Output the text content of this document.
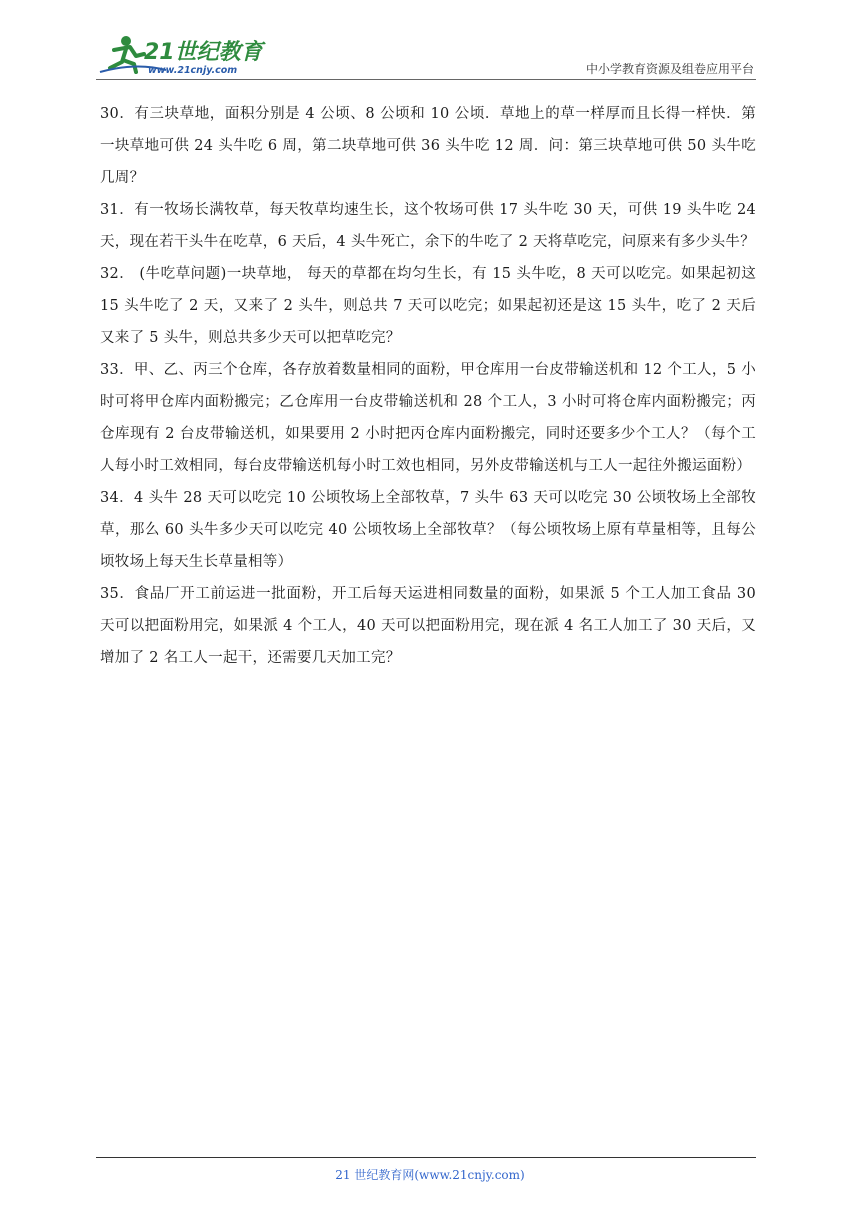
21世纪教育
www.21cnjy.com	中小学教育资源及组卷应用平台

30．有三块草地，面积分别是 4 公顷、8 公顷和 10 公顷．草地上的草一样厚而且长得一样快．第一块草地可供 24 头牛吃 6 周，第二块草地可供 36 头牛吃 12 周．问：第三块草地可供 50 头牛吃几周？

31．有一牧场长满牧草，每天牧草均速生长，这个牧场可供 17 头牛吃 30 天，可供 19 头牛吃 24 天，现在若干头牛在吃草，6 天后，4 头牛死亡，余下的牛吃了 2 天将草吃完，问原来有多少头牛？

32． (牛吃草问题)一块草地， 每天的草都在均匀生长，有 15 头牛吃，8 天可以吃完。如果起初这 15 头牛吃了 2 天，又来了 2 头牛，则总共 7 天可以吃完；如果起初还是这 15 头牛，吃了 2 天后又来了 5 头牛，则总共多少天可以把草吃完？

33．甲、乙、丙三个仓库，各存放着数量相同的面粉，甲仓库用一台皮带输送机和 12 个工人，5 小时可将甲仓库内面粉搬完；乙仓库用一台皮带输送机和 28 个工人，3 小时可将仓库内面粉搬完；丙仓库现有 2 台皮带输送机，如果要用 2 小时把丙仓库内面粉搬完，同时还要多少个工人？（每个工人每小时工效相同，每台皮带输送机每小时工效也相同，另外皮带输送机与工人一起往外搬运面粉）

34．4 头牛 28 天可以吃完 10 公顷牧场上全部牧草，7 头牛 63 天可以吃完 30 公顷牧场上全部牧草，那么 60 头牛多少天可以吃完 40 公顷牧场上全部牧草？（每公顷牧场上原有草量相等，且每公顷牧场上每天生长草量相等）

35．食品厂开工前运进一批面粉，开工后每天运进相同数量的面粉，如果派 5 个工人加工食品 30 天可以把面粉用完，如果派 4 个工人，40 天可以把面粉用完，现在派 4 名工人加工了 30 天后，又增加了 2 名工人一起干，还需要几天加工完？

21 世纪教育网(www.21cnjy.com)
